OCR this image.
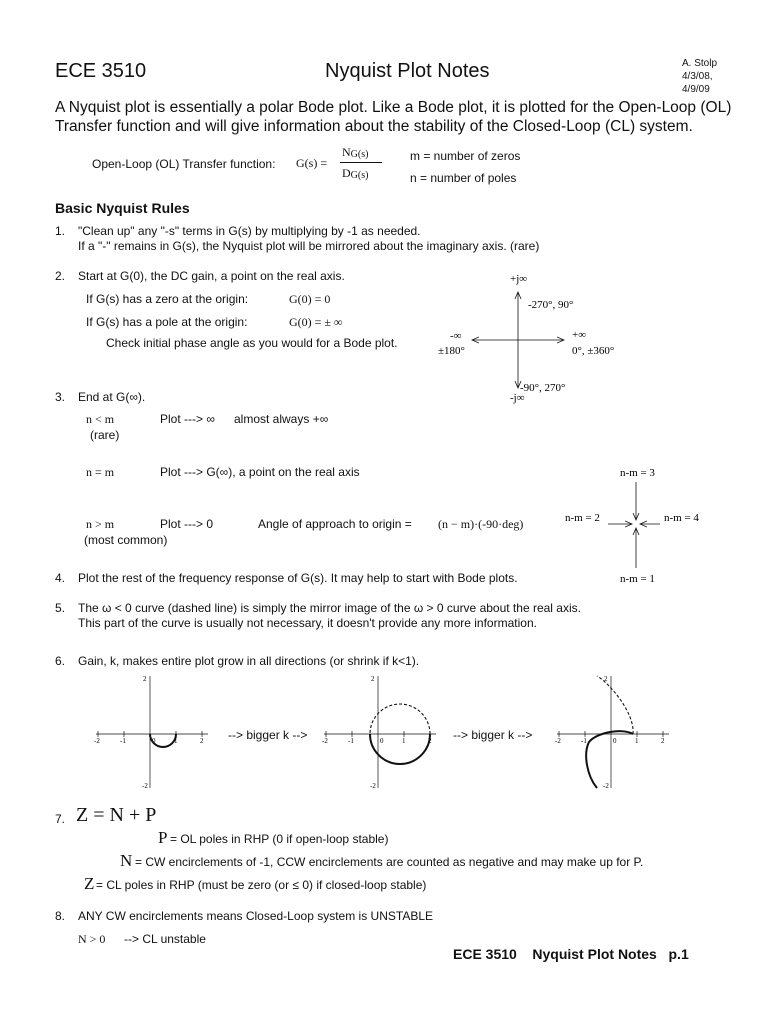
ECE 3510	Nyquist Plot Notes	A. Stolp
4/3/08,
4/9/09
A Nyquist plot is essentially a polar Bode plot. Like a Bode plot, it is plotted for the Open-Loop (OL)
Transfer function and will give information about the stability of the Closed-Loop (CL) system.
Open-Loop (OL) Transfer function: G(s) =
NG(s)
DG(s)
m = number of zeros
n = number of poles
Basic Nyquist Rules
1. "Clean up" any "-s" terms in G(s) by multiplying by -1 as needed.
If a "-" remains in G(s), the Nyquist plot will be mirrored about the imaginary axis. (rare)
2. Start at G(0), the DC gain, a point on the real axis.
If G(s) has a zero at the origin:	G(0) = 0
If G(s) has a pole at the origin:	G(0) = ± ∞
Check initial phase angle as you would for a Bode plot.
+j∞
-270°, 90°
-∞
±180°
+∞
0°, ±360°
-90°, 270°
-j∞
3. End at G(∞).
n < m	Plot ---> ∞ almost always +∞
(rare)
n = m	Plot ---> G(∞), a point on the real axis
n > m	Plot ---> 0	Angle of approach to origin = (n − m)·(-90·deg)
(most common)
n-m = 3
n-m = 2	n-m = 4
n-m = 1
4. Plot the rest of the frequency response of G(s). It may help to start with Bode plots.
5. The ω < 0 curve (dashed line) is simply the mirror image of the ω > 0 curve about the real axis.
This part of the curve is usually not necessary, it doesn't provide any more information.
6. Gain, k, makes entire plot grow in all directions (or shrink if k<1).
2
-2
-2	-1	0	1	2 --> bigger k -->
2
-2
-2	-1	0	1	2 --> bigger k -->
2
-2
-2	-1	0	1	2
7. Z = N + P
P = OL poles in RHP (0 if open-loop stable)
N = CW encirclements of -1, CCW encirclements are counted as negative and may make up for P.
Z = CL poles in RHP (must be zero (or ≤ 0) if closed-loop stable)
8. ANY CW encirclements means Closed-Loop system is UNSTABLE
N > 0 --> CL unstable
ECE 3510    Nyquist Plot Notes   p.1
